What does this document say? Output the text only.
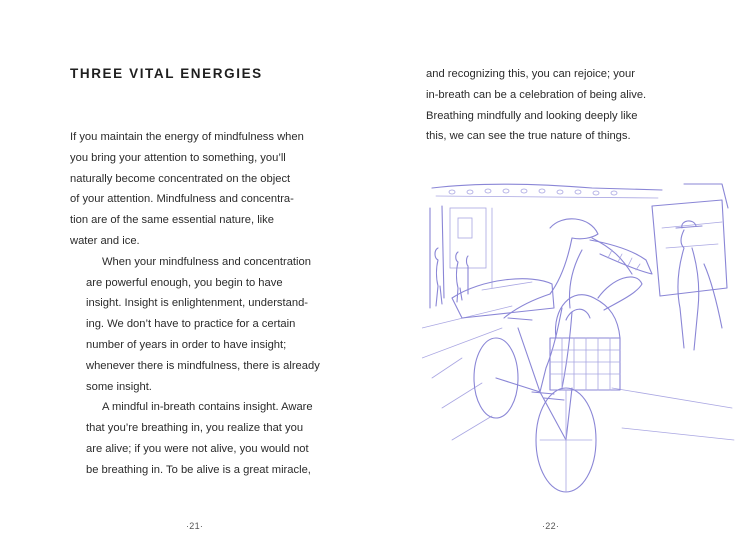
THREE VITAL ENERGIES

If you maintain the energy of mindfulness when
you bring your attention to something, you’ll
naturally become concentrated on the object
of your attention. Mindfulness and concentra-
tion are of the same essential nature, like
water and ice.

When your mindfulness and concentration
are powerful enough, you begin to have
insight. Insight is enlightenment, understand-
ing. We don’t have to practice for a certain
number of years in order to have insight;
whenever there is mindfulness, there is already
some insight.

A mindful in-breath contains insight. Aware
that you’re breathing in, you realize that you
are alive; if you were not alive, you would not
be breathing in. To be alive is a great miracle,

·21·

and recognizing this, you can rejoice; your
in-breath can be a celebration of being alive.
Breathing mindfully and looking deeply like
this, we can see the true nature of things.

·22·
